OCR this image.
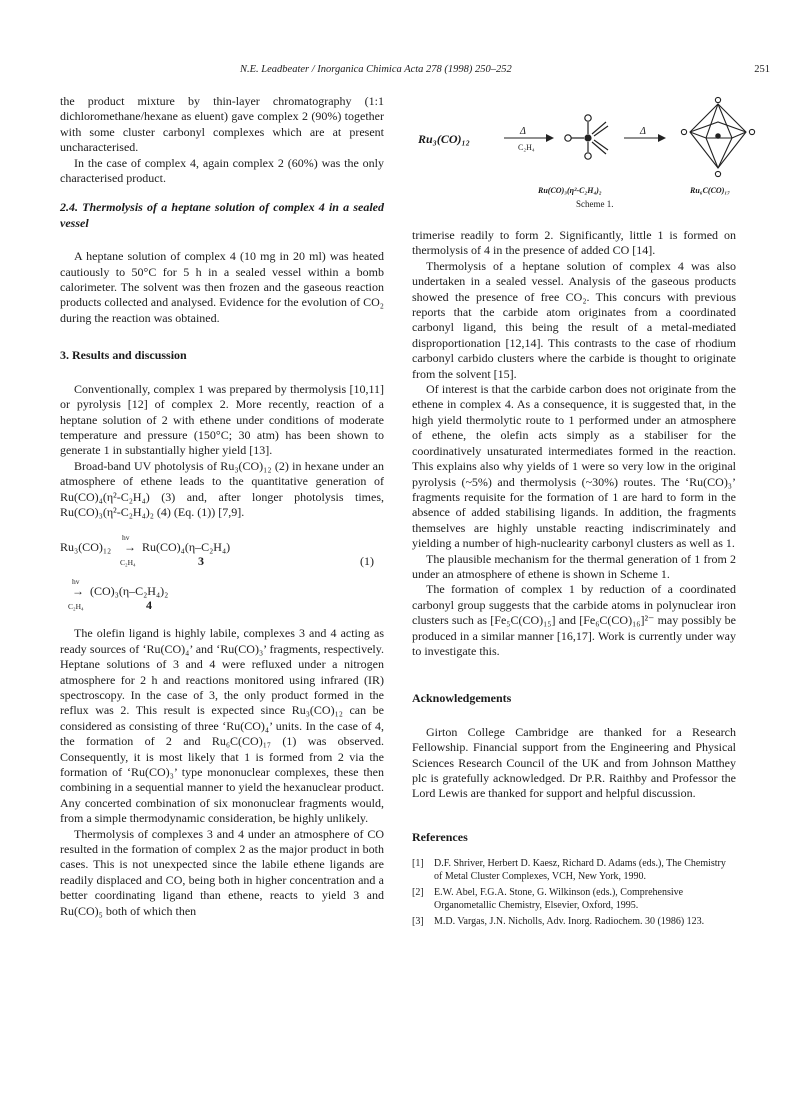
N.E. Leadbeater / Inorganica Chimica Acta 278 (1998) 250–252	251

the product mixture by thin-layer chromatography (1:1 dichloromethane/hexane as eluent) gave complex 2 (90%) together with some cluster carbonyl complexes which are at present uncharacterised.

In the case of complex 4, again complex 2 (60%) was the only characterised product.

2.4. Thermolysis of a heptane solution of complex 4 in a sealed vessel

A heptane solution of complex 4 (10 mg in 20 ml) was heated cautiously to 50°C for 5 h in a sealed vessel within a bomb calorimeter. The solvent was then frozen and the gaseous reaction products collected and analysed. Evidence for the evolution of CO₂ during the reaction was obtained.

3. Results and discussion

Conventionally, complex 1 was prepared by thermolysis [10,11] or pyrolysis [12] of complex 2. More recently, reaction of a heptane solution of 2 with ethene under conditions of moderate temperature and pressure (150°C; 30 atm) has been shown to generate 1 in substantially higher yield [13].

Broad-band UV photolysis of Ru₃(CO)₁₂ (2) in hexane under an atmosphere of ethene leads to the quantitative generation of Ru(CO)₄(η²-C₂H₄) (3) and, after longer photolysis times, Ru(CO)₃(η²-C₂H₄)₂ (4) (Eq. (1)) [7,9].

hv
Ru₃(CO)₁₂ →
C₂H₄
Ru(CO)₄(η–C₂H₄)
3	(1)
hv
→
C₂H₄
(CO)₃(η–C₂H₄)₂
4

The olefin ligand is highly labile, complexes 3 and 4 acting as ready sources of ‘Ru(CO)₄’ and ‘Ru(CO)₃’ fragments, respectively. Heptane solutions of 3 and 4 were refluxed under a nitrogen atmosphere for 2 h and reactions monitored using infrared (IR) spectroscopy. In the case of 3, the only product formed in the reflux was 2. This result is expected since Ru₃(CO)₁₂ can be considered as consisting of three ‘Ru(CO)₄’ units. In the case of 4, the formation of 2 and Ru₆C(CO)₁₇ (1) was observed. Consequently, it is most likely that 1 is formed from 2 via the formation of ‘Ru(CO)₃’ type mononuclear complexes, these then combining in a sequential manner to yield the hexanuclear product. Any concerted combination of six mononuclear fragments would, from a simple thermodynamic consideration, be highly unlikely.

Thermolysis of complexes 3 and 4 under an atmosphere of CO resulted in the formation of complex 2 as the major product in both cases. This is not unexpected since the labile ethene ligands are readily displaced and CO, being both in higher concentration and a better coordinating ligand than ethene, reacts to yield 3 and Ru(CO)₅ both of which then

Ru₃(CO)₁₂
Δ
C₂H₄
Δ
Ru(CO)₃(η²-C₂H₄)₂	Ru₆C(CO)₁₇
Scheme 1.

trimerise readily to form 2. Significantly, little 1 is formed on thermolysis of 4 in the presence of added CO [14].

Thermolysis of a heptane solution of complex 4 was also undertaken in a sealed vessel. Analysis of the gaseous products showed the presence of free CO₂. This concurs with previous reports that the carbide atom originates from a coordinated carbonyl ligand, this being the result of a metal-mediated disproportionation [12,14]. This contrasts to the case of rhodium carbonyl carbido clusters where the carbide is thought to originate from the solvent [15].

Of interest is that the carbide carbon does not originate from the ethene in complex 4. As a consequence, it is suggested that, in the high yield thermolytic route to 1 performed under an atmosphere of ethene, the olefin acts simply as a stabiliser for the coordinatively unsaturated intermediates formed in the reaction. This explains also why yields of 1 were so very low in the original pyrolysis (~5%) and thermolysis (~30%) routes. The ‘Ru(CO)₃’ fragments requisite for the formation of 1 are hard to form in the absence of added stabilising ligands. In addition, the fragments themselves are highly unstable reacting indiscriminately and yielding a number of high-nuclearity carbonyl clusters as well as 1.

The plausible mechanism for the thermal generation of 1 from 2 under an atmosphere of ethene is shown in Scheme 1.

The formation of complex 1 by reduction of a coordinated carbonyl group suggests that the carbide atoms in polynuclear iron clusters such as [Fe₅C(CO)₁₅] and [Fe₆C(CO)₁₆]²⁻ may possibly be produced in a similar manner [16,17]. Work is currently under way to investigate this.

Acknowledgements

Girton College Cambridge are thanked for a Research Fellowship. Financial support from the Engineering and Physical Sciences Research Council of the UK and from Johnson Matthey plc is gratefully acknowledged. Dr P.R. Raithby and Professor the Lord Lewis are thanked for support and helpful discussion.

References

[1] D.F. Shriver, Herbert D. Kaesz, Richard D. Adams (eds.), The Chemistry of Metal Cluster Complexes, VCH, New York, 1990.
[2] E.W. Abel, F.G.A. Stone, G. Wilkinson (eds.), Comprehensive Organometallic Chemistry, Elsevier, Oxford, 1995.
[3] M.D. Vargas, J.N. Nicholls, Adv. Inorg. Radiochem. 30 (1986) 123.
